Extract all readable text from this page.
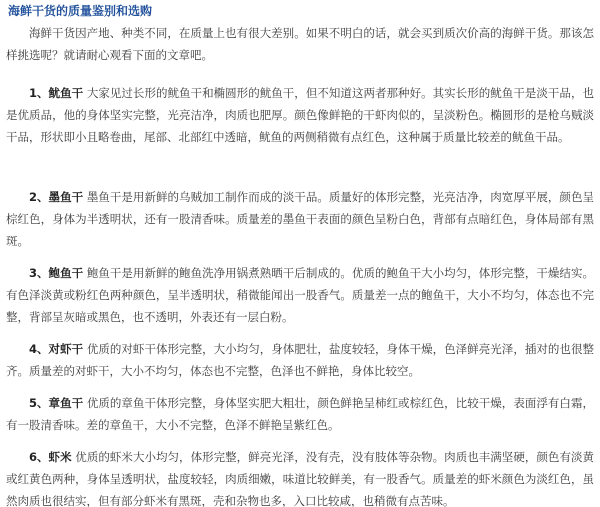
海鲜干货的质量鉴别和选购

海鲜干货因产地、种类不同，在质量上也有很大差别。如果不明白的话，就会买到质次价高的海鲜干货。那该怎样挑选呢？就请耐心观看下面的文章吧。

1、鱿鱼干 大家见过长形的鱿鱼干和椭圆形的鱿鱼干，但不知道这两者那种好。其实长形的鱿鱼干是淡干品，也是优质品，他的身体坚实完整，光亮洁净，肉质也肥厚。颜色像鲜艳的干虾肉似的，呈淡粉色。椭圆形的是枪乌贼淡干品，形状即小且略卷曲，尾部、北部红中透暗，鱿鱼的两侧稍微有点红色，这种属于质量比较差的鱿鱼干品。

2、墨鱼干 墨鱼干是用新鲜的乌贼加工制作而成的淡干品。质量好的体形完整，光亮洁净，肉宽厚平展，颜色呈棕红色，身体为半透明状，还有一股清香味。质量差的墨鱼干表面的颜色呈粉白色，背部有点暗红色，身体局部有黑斑。

3、鲍鱼干 鲍鱼干是用新鲜的鲍鱼洗净用锅煮熟晒干后制成的。优质的鲍鱼干大小均匀，体形完整，干燥结实。有色泽淡黄或粉红色两种颜色，呈半透明状，稍微能闻出一股香气。质量差一点的鲍鱼干，大小不均匀，体态也不完整，背部呈灰暗或黑色，也不透明，外表还有一层白粉。

4、对虾干 优质的对虾干体形完整，大小均匀，身体肥壮，盐度较轻，身体干燥，色泽鲜亮光泽，插对的也很整齐。质量差的对虾干，大小不均匀，体态也不完整，色泽也不鲜艳，身体比较空。

5、章鱼干 优质的章鱼干体形完整，身体坚实肥大粗壮，颜色鲜艳呈柿红或棕红色，比较干燥，表面浮有白霜，有一股清香味。差的章鱼干，大小不完整，色泽不鲜艳呈紫红色。

6、虾米 优质的虾米大小均匀，体形完整，鲜亮光泽，没有壳，没有肢体等杂物。肉质也丰满坚硬，颜色有淡黄或红黄色两种，身体呈透明状，盐度较轻，肉质细嫩，味道比较鲜美，有一股香气。质量差的虾米颜色为淡红色，虽然肉质也很结实，但有部分虾米有黑斑，壳和杂物也多，入口比较咸，也稍微有点苦味。
